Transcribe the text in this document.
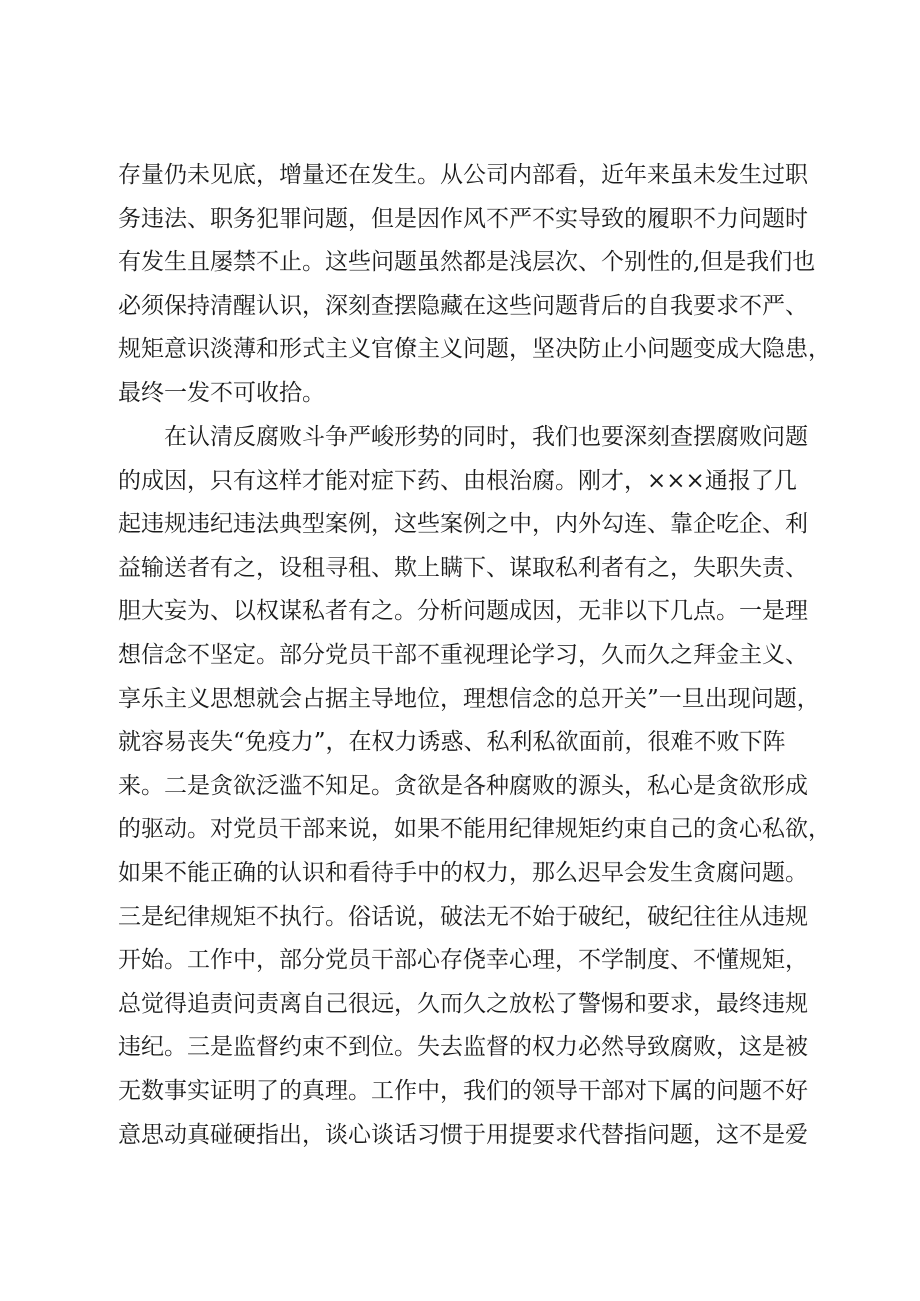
存量仍未见底，增量还在发生。从公司内部看，近年来虽未发生过职
务违法、职务犯罪问题，但是因作风不严不实导致的履职不力问题时
有发生且屡禁不止。这些问题虽然都是浅层次、个别性的,但是我们也
必须保持清醒认识，深刻查摆隐藏在这些问题背后的自我要求不严、
规矩意识淡薄和形式主义官僚主义问题，坚决防止小问题变成大隐患，
最终一发不可收拾。
在认清反腐败斗争严峻形势的同时，我们也要深刻查摆腐败问题
的成因，只有这样才能对症下药、由根治腐。刚才，×××通报了几
起违规违纪违法典型案例，这些案例之中，内外勾连、靠企吃企、利
益输送者有之，设租寻租、欺上瞒下、谋取私利者有之，失职失责、
胆大妄为、以权谋私者有之。分析问题成因，无非以下几点。一是理
想信念不坚定。部分党员干部不重视理论学习，久而久之拜金主义、
享乐主义思想就会占据主导地位，理想信念的总开关”一旦出现问题，
就容易丧失“免疫力”，在权力诱惑、私利私欲面前，很难不败下阵
来。二是贪欲泛滥不知足。贪欲是各种腐败的源头，私心是贪欲形成
的驱动。对党员干部来说，如果不能用纪律规矩约束自己的贪心私欲，
如果不能正确的认识和看待手中的权力，那么迟早会发生贪腐问题。
三是纪律规矩不执行。俗话说，破法无不始于破纪，破纪往往从违规
开始。工作中，部分党员干部心存侥幸心理，不学制度、不懂规矩，
总觉得追责问责离自己很远，久而久之放松了警惕和要求，最终违规
违纪。三是监督约束不到位。失去监督的权力必然导致腐败，这是被
无数事实证明了的真理。工作中，我们的领导干部对下属的问题不好
意思动真碰硬指出，谈心谈话习惯于用提要求代替指问题，这不是爱
